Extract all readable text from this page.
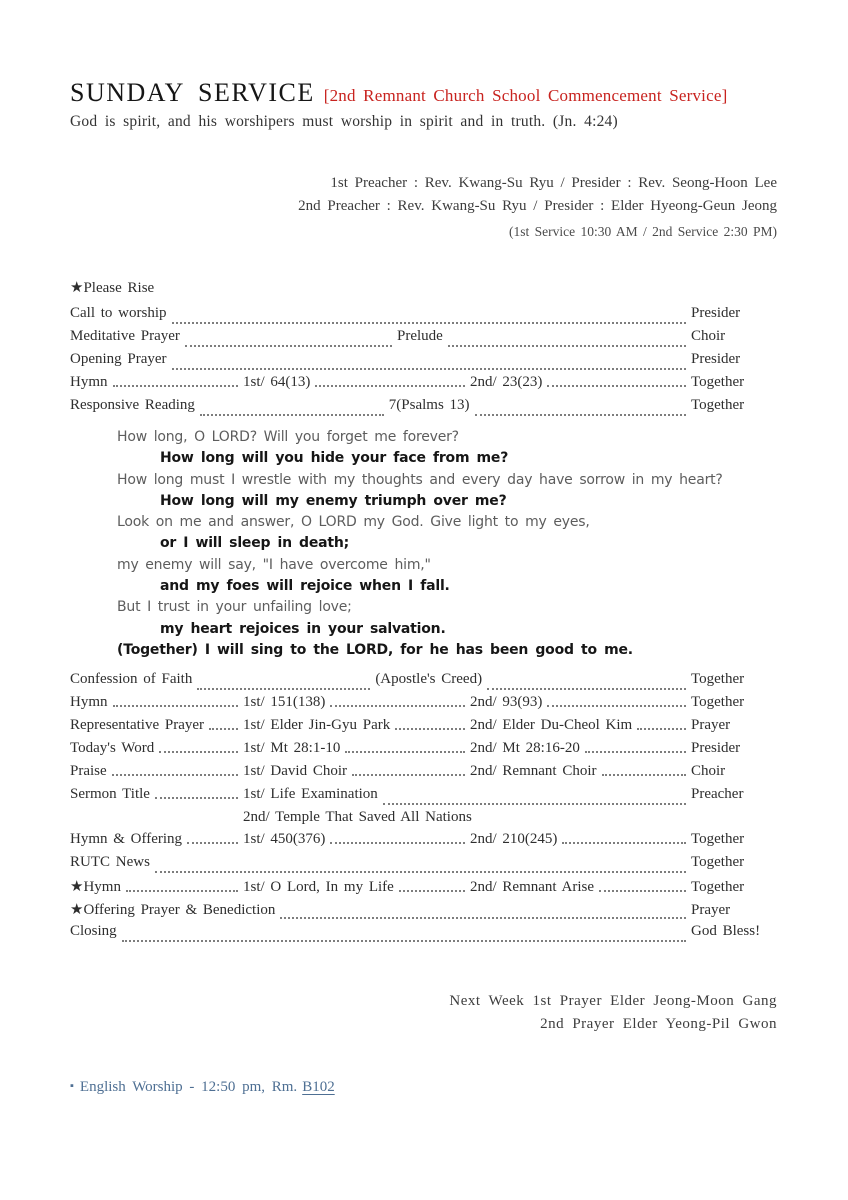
SUNDAY SERVICE [2nd Remnant Church School Commencement Service]
God is spirit, and his worshipers must worship in spirit and in truth. (Jn. 4:24)
1st Preacher : Rev. Kwang-Su Ryu / Presider : Rev. Seong-Hoon Lee
2nd Preacher : Rev. Kwang-Su Ryu / Presider : Elder Hyeong-Geun Jeong
(1st Service 10:30 AM / 2nd Service 2:30 PM)
★Please Rise
Call to worship	Presider
Meditative Prayer	Prelude	Choir
Opening Prayer	Presider
Hymn	1st/ 64(13)	2nd/ 23(23)	Together
Responsive Reading	7(Psalms 13)	Together
How long, O LORD? Will you forget me forever?
How long will you hide your face from me?
How long must I wrestle with my thoughts and every day have sorrow in my heart?
How long will my enemy triumph over me?
Look on me and answer, O LORD my God. Give light to my eyes,
or I will sleep in death;
my enemy will say, "I have overcome him,"
and my foes will rejoice when I fall.
But I trust in your unfailing love;
my heart rejoices in your salvation.
(Together) I will sing to the LORD, for he has been good to me.
Confession of Faith	(Apostle's Creed)	Together
Hymn	1st/ 151(138)	2nd/ 93(93)	Together
Representative Prayer	1st/ Elder Jin-Gyu Park	2nd/ Elder Du-Cheol Kim	Prayer
Today's Word	1st/ Mt 28:1-10	2nd/ Mt 28:16-20	Presider
Praise	1st/ David Choir	2nd/ Remnant Choir	Choir
Sermon Title	1st/ Life Examination	Preacher
2nd/ Temple That Saved All Nations
Hymn & Offering	1st/ 450(376)	2nd/ 210(245)	Together
RUTC News	Together
★Hymn	1st/ O Lord, In my Life	2nd/ Remnant Arise	Together
★Offering Prayer & Benediction	Prayer
Closing	God Bless!
Next Week 1st Prayer Elder Jeong-Moon Gang
2nd Prayer Elder Yeong-Pil Gwon
▪ English Worship - 12:50 pm, Rm. B102
